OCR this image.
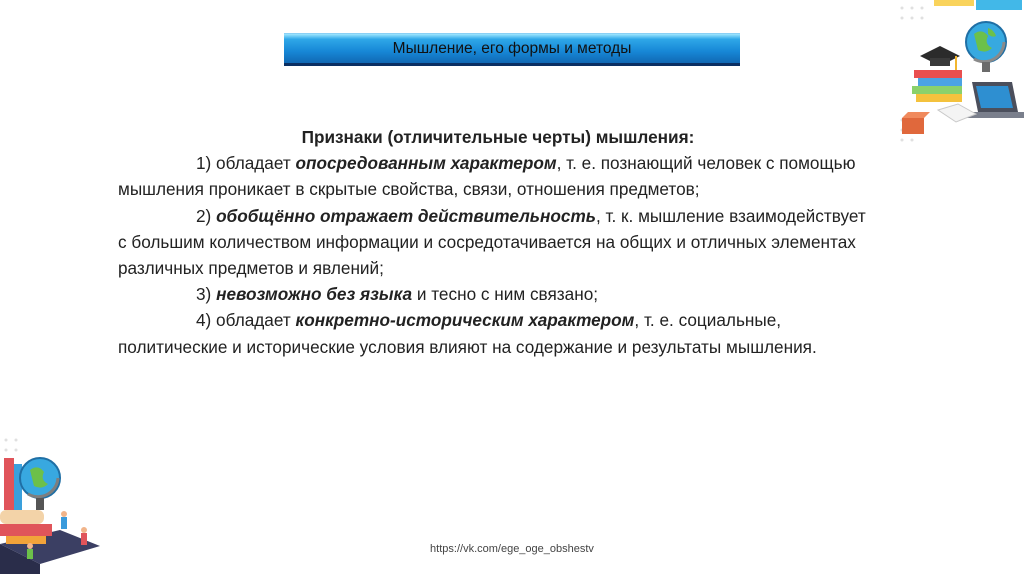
Мышление, его формы и методы

Признаки (отличительные черты) мышления:

1) обладает опосредованным характером, т. е. познающий человек с помощью мышления проникает в скрытые свойства, связи, отношения предметов;

2) обобщённо отражает действительность, т. к. мышление взаимодействует с большим количеством информации и сосредотачивается на общих и отличных элементах различных предметов и явлений;

3) невозможно без языка и тесно с ним связано;

4) обладает конкретно-историческим характером, т. е. социальные, политические и исторические условия влияют на содержание и результаты мышления.

https://vk.com/ege_oge_obshestv
